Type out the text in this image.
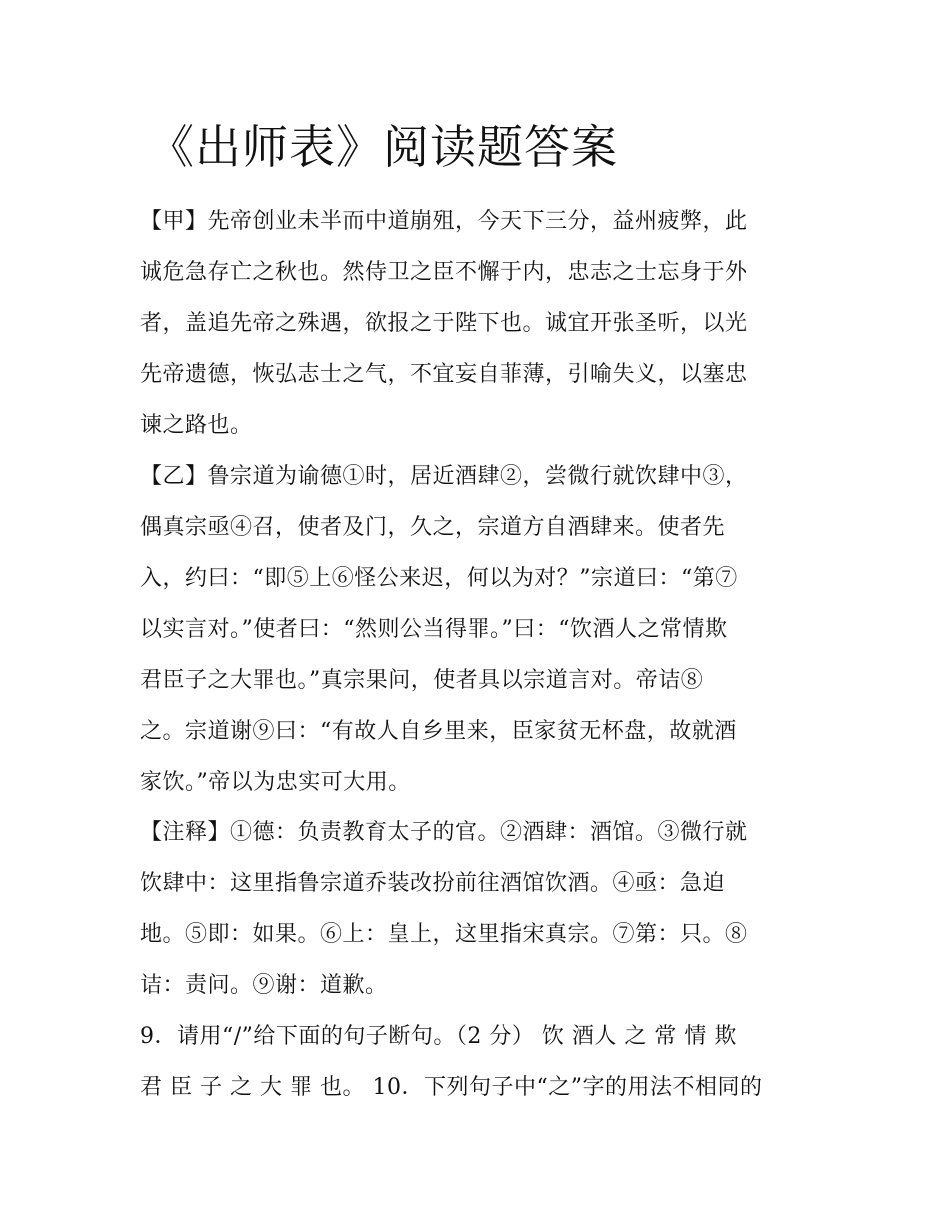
《出师表》阅读题答案

【甲】先帝创业未半而中道崩殂，今天下三分，益州疲弊，此

诚危急存亡之秋也。然侍卫之臣不懈于内，忠志之士忘身于外

者，盖追先帝之殊遇，欲报之于陛下也。诚宜开张圣听，以光

先帝遗德，恢弘志士之气，不宜妄自菲薄，引喻失义，以塞忠

谏之路也。

【乙】鲁宗道为谕德①时，居近酒肆②，尝微行就饮肆中③，

偶真宗亟④召，使者及门，久之，宗道方自酒肆来。使者先

入，约曰：“即⑤上⑥怪公来迟，何以为对？”宗道曰：“第⑦

以实言对。”使者曰：“然则公当得罪。”曰：“饮酒人之常情欺

君臣子之大罪也。”真宗果问，使者具以宗道言对。帝诘⑧

之。宗道谢⑨曰：“有故人自乡里来，臣家贫无杯盘，故就酒

家饮。”帝以为忠实可大用。

【注释】①德：负责教育太子的官。②酒肆：酒馆。③微行就

饮肆中：这里指鲁宗道乔装改扮前往酒馆饮酒。④亟：急迫

地。⑤即：如果。⑥上：皇上，这里指宋真宗。⑦第：只。⑧

诘：责问。⑨谢：道歉。

9．请用“/”给下面的句子断句。（2 分） 饮 酒人 之 常 情 欺

君 臣 子 之 大 罪 也。 10．下列句子中“之”字的用法不相同的
